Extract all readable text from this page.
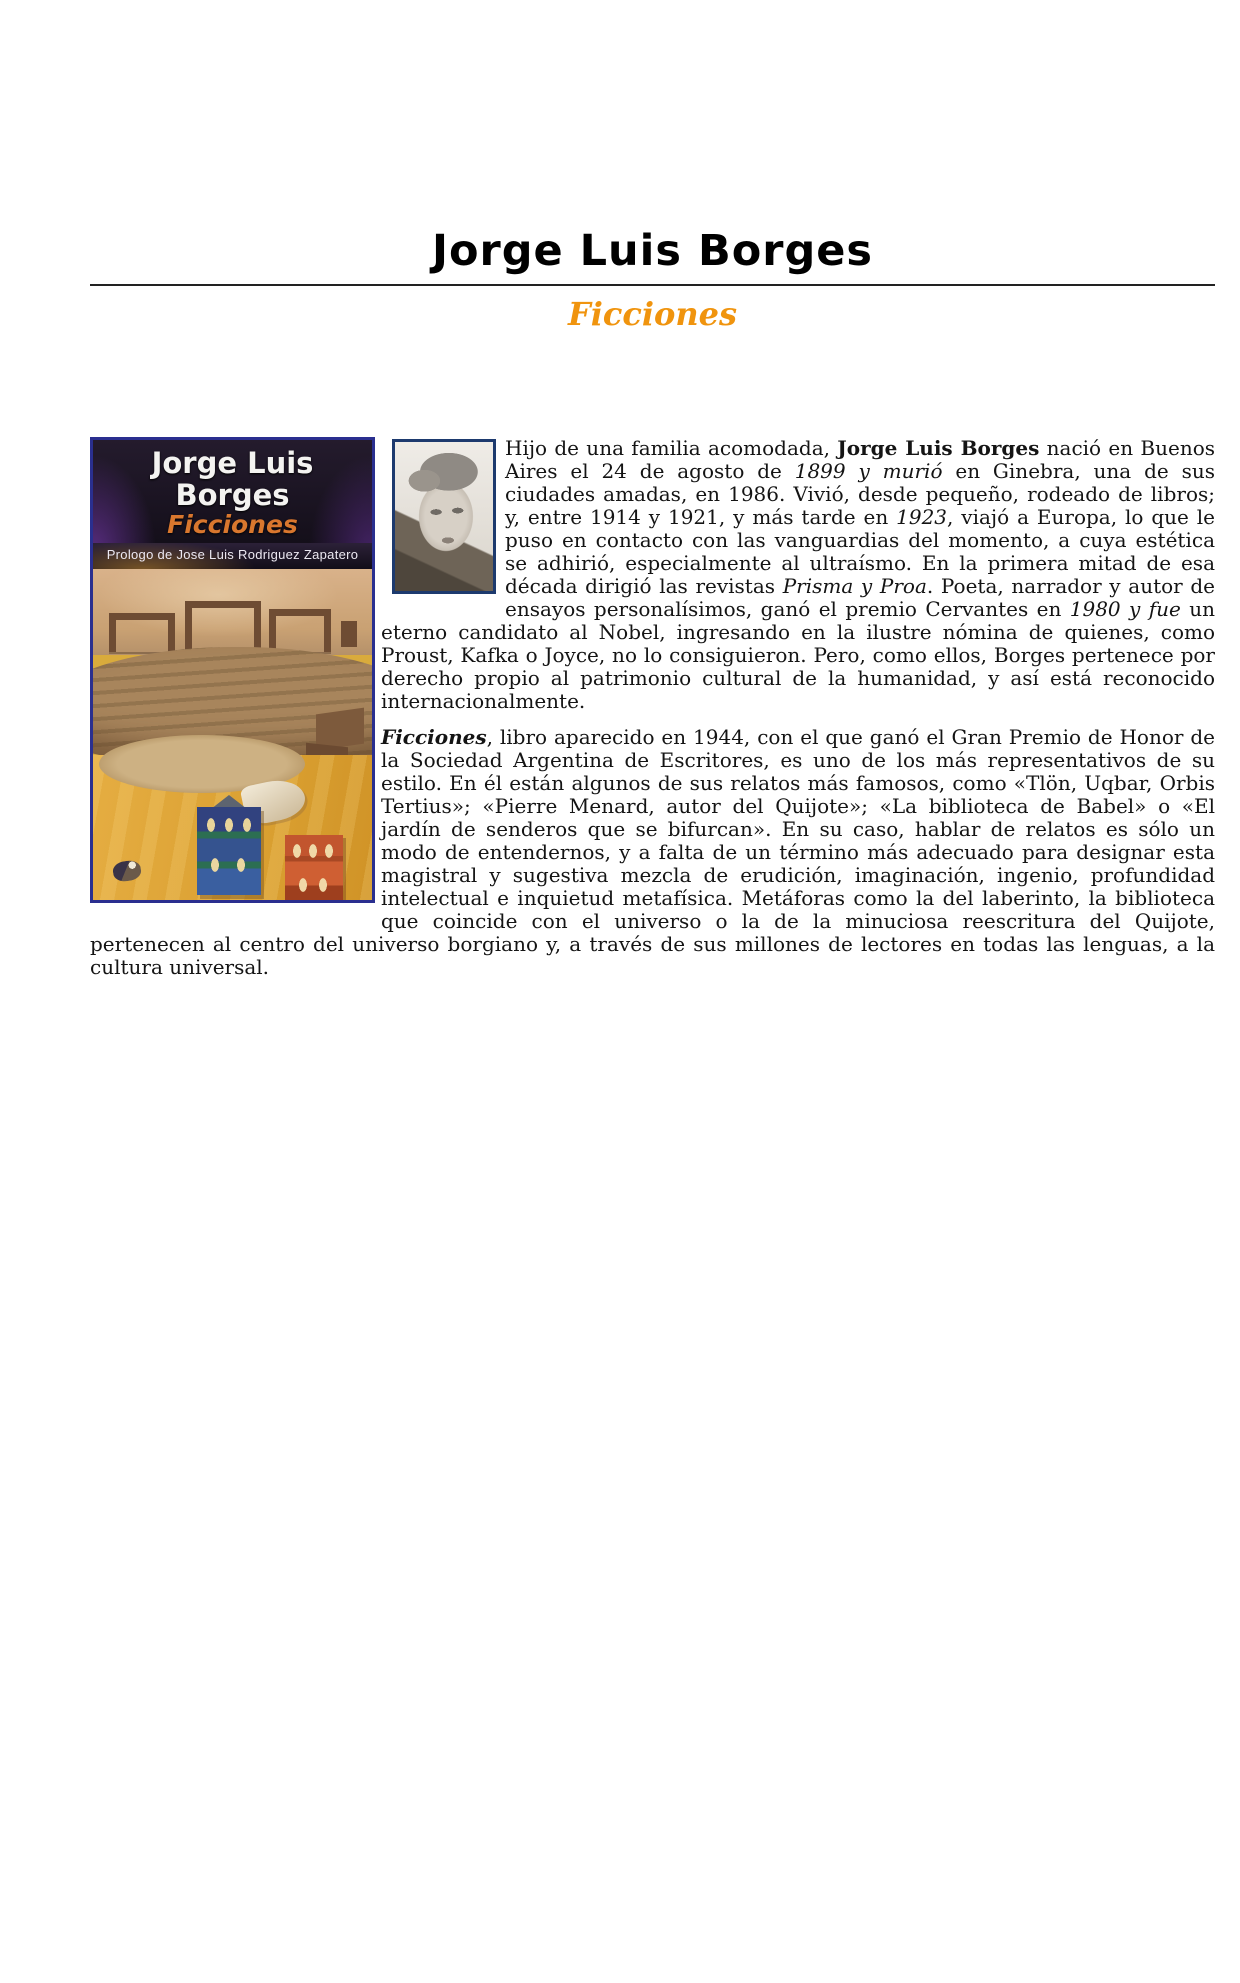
Jorge Luis Borges
Ficciones
Jorge Luis
Borges
Ficciones
Prologo de Jose Luis Rodriguez Zapatero

Hijo de una familia acomodada, Jorge Luis Borges nació en Buenos Aires el 24 de agosto de 1899 y murió en Ginebra, una de sus ciudades amadas, en 1986. Vivió, desde pequeño, rodeado de libros; y, entre 1914 y 1921, y más tarde en 1923, viajó a Europa, lo que le puso en contacto con las vanguardias del momento, a cuya estética se adhirió, especialmente al ultraísmo. En la primera mitad de esa década dirigió las revistas Prisma y Proa. Poeta, narrador y autor de ensayos personalísimos, ganó el premio Cervantes en 1980 y fue un eterno candidato al Nobel, ingresando en la ilustre nómina de quienes, como Proust, Kafka o Joyce, no lo consiguieron. Pero, como ellos, Borges pertenece por derecho propio al patrimonio cultural de la humanidad, y así está reconocido internacionalmente.

Ficciones, libro aparecido en 1944, con el que ganó el Gran Premio de Honor de la Sociedad Argentina de Escritores, es uno de los más representativos de su estilo. En él están algunos de sus relatos más famosos, como «Tlön, Uqbar, Orbis Tertius»; «Pierre Menard, autor del Quijote»; «La biblioteca de Babel» o «El jardín de senderos que se bifurcan». En su caso, hablar de relatos es sólo un modo de entendernos, y a falta de un término más adecuado para designar esta magistral y sugestiva mezcla de erudición, imaginación, ingenio, profundidad intelectual e inquietud metafísica. Metáforas como la del laberinto, la biblioteca que coincide con el universo o la de la minuciosa reescritura del Quijote, pertenecen al centro del universo borgiano y, a través de sus millones de lectores en todas las lenguas, a la cultura universal.
